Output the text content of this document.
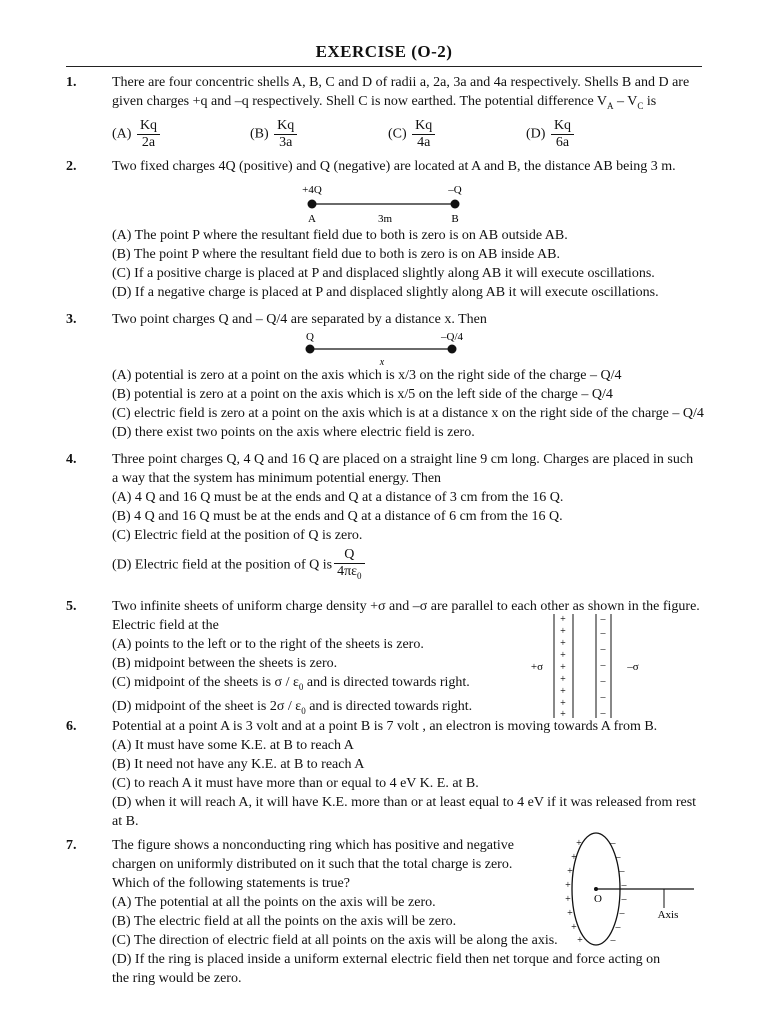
EXERCISE (O-2)
1.	There are four concentric shells A, B, C and D of radii a, 2a, 3a and 4a respectively. Shells B and D are
given charges +q and –q respectively. Shell C is now earthed. The potential difference $V_A - V_C$ is
$(A) \frac{Kq}{2a}$	$(B) \frac{Kq}{3a}$	$(C) \frac{Kq}{4a}$	$(D) \frac{Kq}{6a}$
2.	Two fixed charges 4Q (positive) and Q (negative) are located at A and B, the distance AB being 3 m.
+4Q	–Q
A	3m	B
(A) The point P where the resultant field due to both is zero is on AB outside AB.
(B) The point P where the resultant field due to both is zero is on AB inside AB.
(C) If a positive charge is placed at P and displaced slightly along AB it will execute oscillations.
(D) If a negative charge is placed at P and displaced slightly along AB it will execute oscillations.
3.	Two point charges Q and – Q/4 are separated by a distance x. Then
Q	–Q/4
x
(A) potential is zero at a point on the axis which is x/3 on the right side of the charge – Q/4
(B) potential is zero at a point on the axis which is x/5 on the left side of the charge – Q/4
(C) electric field is zero at a point on the axis which is at a distance x on the right side of the charge – Q/4
(D) there exist two points on the axis where electric field is zero.
4.	Three point charges Q, 4 Q and 16 Q are placed on a straight line 9 cm long. Charges are placed in such
a way that the system has minimum potential energy. Then
(A) 4 Q and 16 Q must be at the ends and Q at a distance of 3 cm from the 16 Q.
(B) 4 Q and 16 Q must be at the ends and Q at a distance of 6 cm from the 16 Q.
(C) Electric field at the position of Q is zero.
(D) Electric field at the position of Q is $\frac{Q}{4\pi\varepsilon_0}$
5.	Two infinite sheets of uniform charge density +σ and –σ are parallel to each other as shown in the figure.
Electric field at the
(A) points to the left or to the right of the sheets is zero.
(B) midpoint between the sheets is zero.
(C) midpoint of the sheets is σ / $\varepsilon_0$ and is directed towards right.
(D) midpoint of the sheet is $2\sigma / \varepsilon_0$ and is directed towards right.
+
+
+
+
+
+
+
+
+
–
–
–
–
–
–
–
+σ	–σ
6.	Potential at a point A is 3 volt and at a point B is 7 volt , an electron is moving towards A from B.
(A) It must have some K.E. at B to reach A
(B) It need not have any K.E. at B to reach A
(C) to reach A it must have more than or equal to 4 eV K. E. at B.
(D) when it will reach A, it will have K.E. more than or at least equal to 4 eV if it was released from rest
at B.
7.	The figure shows a nonconducting ring which has positive and negative
chargen on uniformly distributed on it such that the total charge is zero.
Which of the following statements is true?
(A) The potential at all the points on the axis will be zero.
(B) The electric field at all the points on the axis will be zero.
(C) The direction of electric field at all points on the axis will be along the axis.
(D) If the ring is placed inside a uniform external electric field then net torque and force acting on
the ring would be zero.
+
+
+
+
+
+
+
+
–
–
–
–
–
–
–
–
O
Axis
